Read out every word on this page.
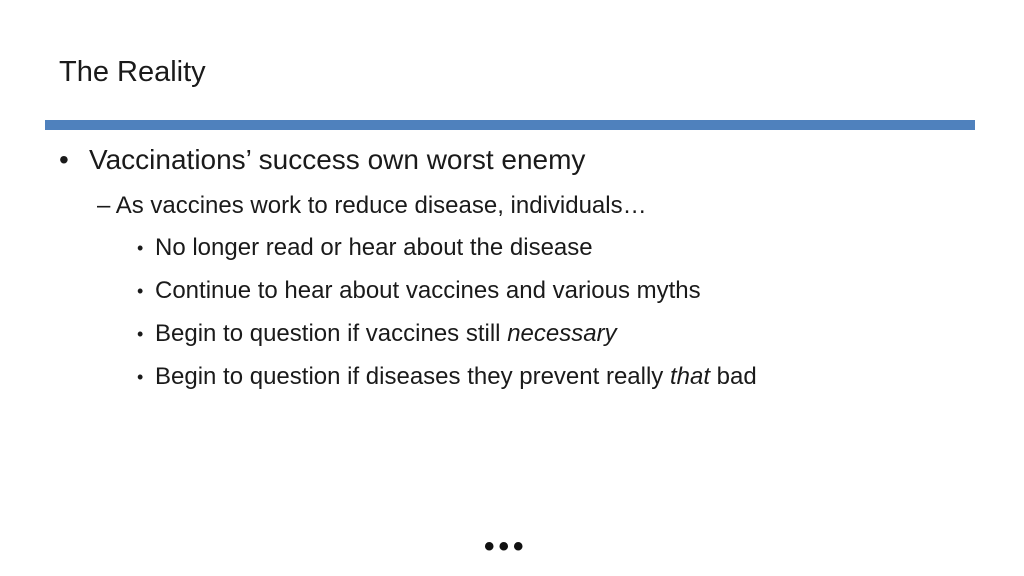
The Reality
• Vaccinations’ success own worst enemy
– As vaccines work to reduce disease, individuals…
• No longer read or hear about the disease
• Continue to hear about vaccines and various myths
• Begin to question if vaccines still necessary
• Begin to question if diseases they prevent really that bad
•••
